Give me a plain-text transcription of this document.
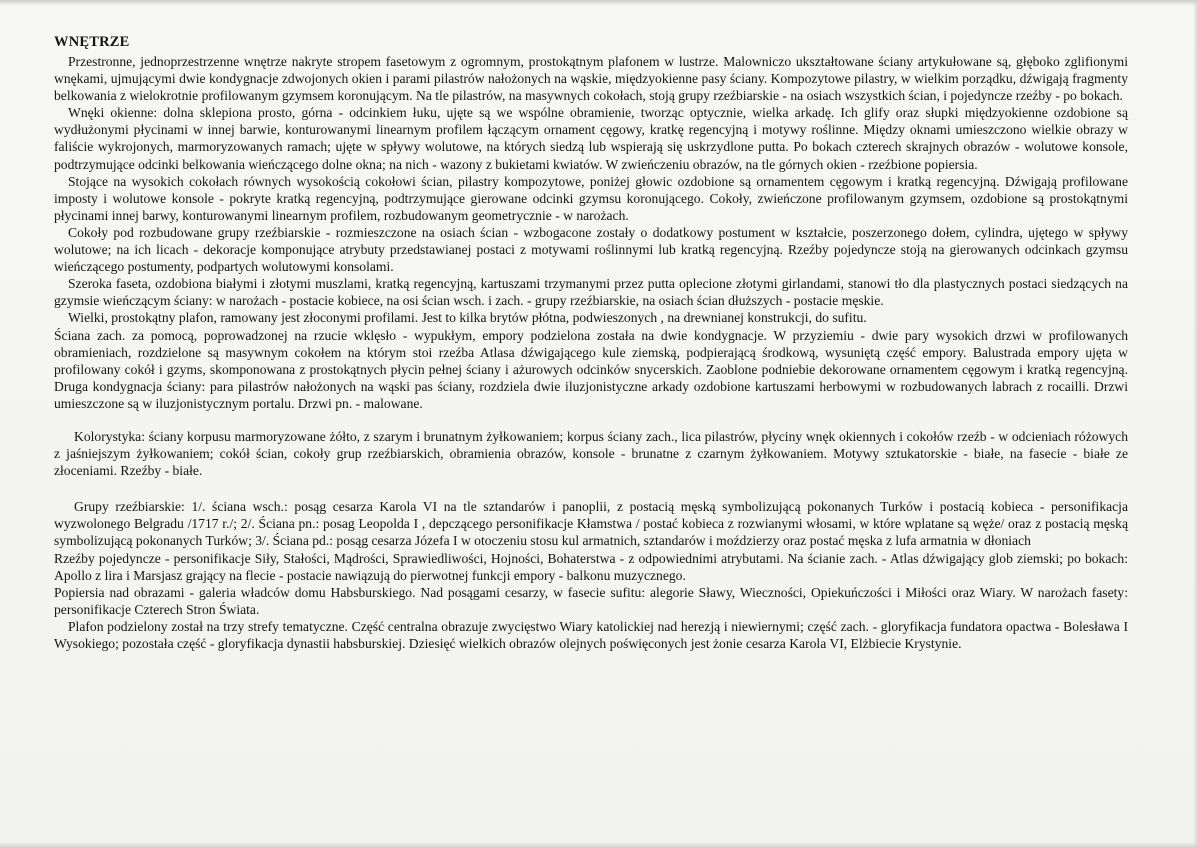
WNĘTRZE

Przestronne, jednoprzestrzenne wnętrze nakryte stropem fasetowym z ogromnym, prostokątnym plafonem w lustrze. Malowniczo ukształtowane ściany artykułowane są, głęboko zglifionymi wnękami, ujmującymi dwie kondygnacje zdwojonych okien i parami pilastrów nałożonych na wąskie, międzyokienne pasy ściany. Kompozytowe pilastry, w wielkim porządku, dźwigają fragmenty belkowania z wielokrotnie profilowanym gzymsem koronującym. Na tle pilastrów, na masywnych cokołach, stoją grupy rzeźbiarskie - na osiach wszystkich ścian, i pojedyncze rzeźby - po bokach.

Wnęki okienne: dolna sklepiona prosto, górna - odcinkiem łuku, ujęte są we wspólne obramienie, tworząc optycznie, wielka arkadę. Ich glify oraz słupki międzyokienne ozdobione są wydłużonymi płycinami w innej barwie, konturowanymi linearnym profilem łączącym ornament cęgowy, kratkę regencyjną i motywy roślinne. Między oknami umieszczono wielkie obrazy w faliście wykrojonych, marmoryzowanych ramach; ujęte w spływy wolutowe, na których siedzą lub wspierają się uskrzydlone putta. Po bokach czterech skrajnych obrazów - wolutowe konsole, podtrzymujące odcinki belkowania wieńczącego dolne okna; na nich - wazony z bukietami kwiatów. W zwieńczeniu obrazów, na tle górnych okien - rzeźbione popiersia.

Stojące na wysokich cokołach równych wysokością cokołowi ścian, pilastry kompozytowe, poniżej głowic ozdobione są ornamentem cęgowym i kratką regencyjną. Dźwigają profilowane imposty i wolutowe konsole - pokryte kratką regencyjną, podtrzymujące gierowane odcinki gzymsu koronującego. Cokoły, zwieńczone profilowanym gzymsem, ozdobione są prostokątnymi płycinami innej barwy, konturowanymi linearnym profilem, rozbudowanym geometrycznie - w narożach.

Cokoły pod rozbudowane grupy rzeźbiarskie - rozmieszczone na osiach ścian - wzbogacone zostały o dodatkowy postument w kształcie, poszerzonego dołem, cylindra, ujętego w spływy wolutowe; na ich licach - dekoracje komponujące atrybuty przedstawianej postaci z motywami roślinnymi lub kratką regencyjną. Rzeźby pojedyncze stoją na gierowanych odcinkach gzymsu wieńczącego postumenty, podpartych wolutowymi konsolami.

Szeroka faseta, ozdobiona białymi i złotymi muszlami, kratką regencyjną, kartuszami trzymanymi przez putta oplecione złotymi girlandami, stanowi tło dla plastycznych postaci siedzących na gzymsie wieńczącym ściany: w narożach - postacie kobiece, na osi ścian wsch. i zach. - grupy rzeźbiarskie, na osiach ścian dłuższych - postacie męskie.

Wielki, prostokątny plafon, ramowany jest złoconymi profilami. Jest to kilka brytów płótna, podwieszonych , na drewnianej konstrukcji, do sufitu.

Ściana zach. za pomocą, poprowadzonej na rzucie wklęsło - wypukłym, empory podzielona została na dwie kondygnacje. W przyziemiu - dwie pary wysokich drzwi w profilowanych obramieniach, rozdzielone są masywnym cokołem na którym stoi rzeźba Atlasa dźwigającego kule ziemską, podpierającą środkową, wysuniętą część empory. Balustrada empory ujęta w profilowany cokół i gzyms, skomponowana z prostokątnych płycin pełnej ściany i ażurowych odcinków snycerskich. Zaoblone podniebie dekorowane ornamentem cęgowym i kratką regencyjną. Druga kondygnacja ściany: para pilastrów nałożonych na wąski pas ściany, rozdziela dwie iluzjonistyczne arkady ozdobione kartuszami herbowymi w rozbudowanych labrach z rocailli. Drzwi umieszczone są w iluzjonistycznym portalu. Drzwi pn. - malowane.

Kolorystyka: ściany korpusu marmoryzowane żółto, z szarym i brunatnym żyłkowaniem; korpus ściany zach., lica pilastrów, płyciny wnęk okiennych i cokołów rzeźb - w odcieniach różowych z jaśniejszym żyłkowaniem; cokół ścian, cokoły grup rzeźbiarskich, obramienia obrazów, konsole - brunatne z czarnym żyłkowaniem. Motywy sztukatorskie - białe, na fasecie - białe ze złoceniami. Rzeźby - białe.

Grupy rzeźbiarskie: 1/. ściana wsch.: posąg cesarza Karola VI na tle sztandarów i panoplii, z postacią męską symbolizującą pokonanych Turków i postacią kobieca - personifikacja wyzwolonego Belgradu /1717 r./; 2/. Ściana pn.: posag Leopolda I , depczącego personifikacje Kłamstwa / postać kobieca z rozwianymi włosami, w które wplatane są węże/ oraz z postacią męską symbolizującą pokonanych Turków; 3/. Ściana pd.: posąg cesarza Józefa I w otoczeniu stosu kul armatnich, sztandarów i moździerzy oraz postać męska z lufa armatnia w dłoniach

Rzeźby pojedyncze - personifikacje Siły, Stałości, Mądrości, Sprawiedliwości, Hojności, Bohaterstwa - z odpowiednimi atrybutami. Na ścianie zach. - Atlas dźwigający glob ziemski; po bokach: Apollo z lira i Marsjasz grający na flecie - postacie nawiązują do pierwotnej funkcji empory - balkonu muzycznego.

Popiersia nad obrazami - galeria władców domu Habsburskiego. Nad posągami cesarzy, w fasecie sufitu: alegorie Sławy, Wieczności, Opiekuńczości i Miłości oraz Wiary. W narożach fasety: personifikacje Czterech Stron Świata.

Plafon podzielony został na trzy strefy tematyczne. Część centralna obrazuje zwycięstwo Wiary katolickiej nad herezją i niewiernymi; część zach. - gloryfikacja fundatora opactwa - Bolesława I Wysokiego; pozostała część - gloryfikacja dynastii habsburskiej. Dziesięć wielkich obrazów olejnych poświęconych jest żonie cesarza Karola VI, Elżbiecie Krystynie.
